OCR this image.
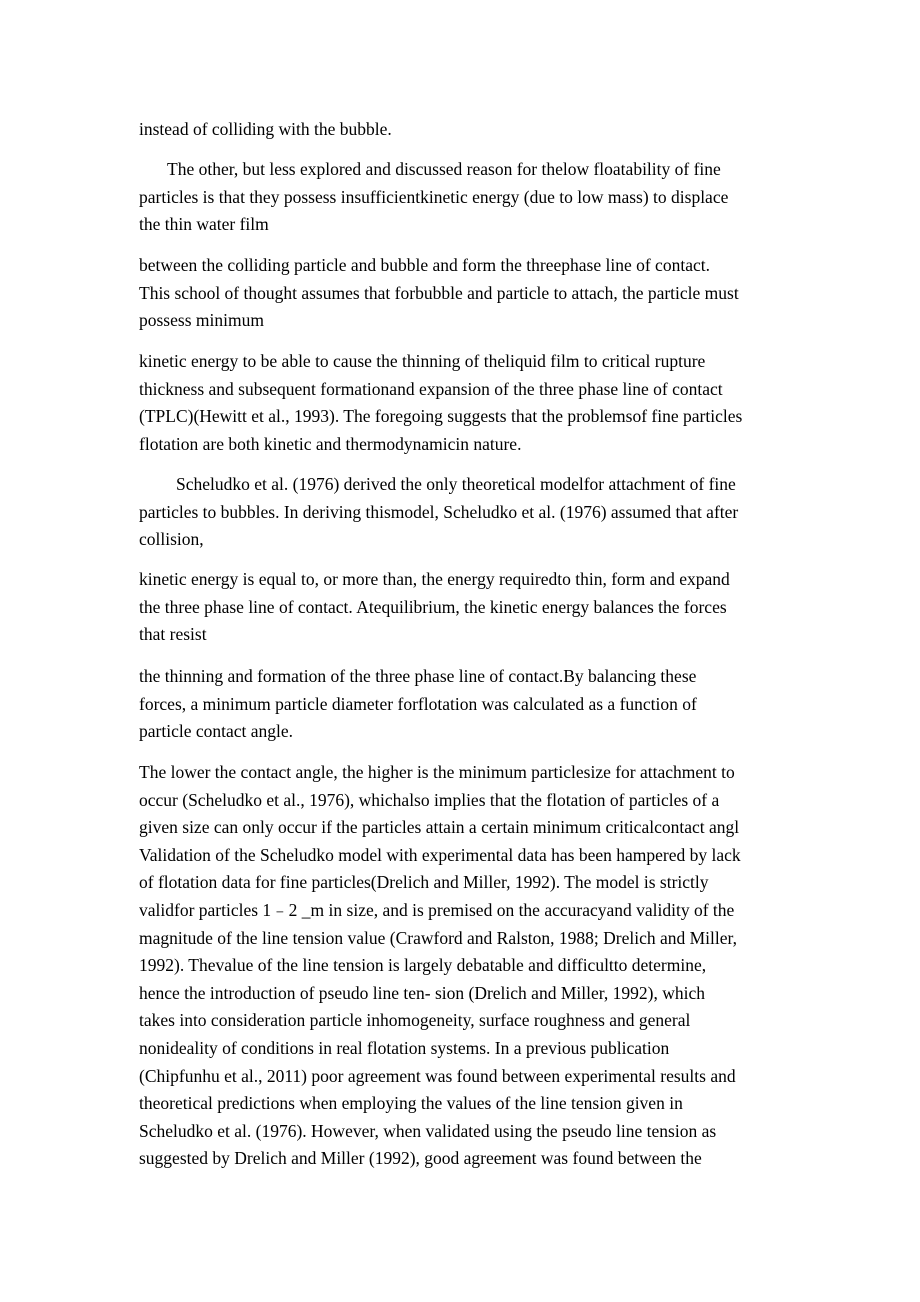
instead of colliding with the bubble.

The other, but less explored and discussed reason for thelow floatability of fine
particles is that they possess insufficientkinetic energy (due to low mass) to displace
the thin water film

between the colliding particle and bubble and form the threephase line of contact.
This school of thought assumes that forbubble and particle to attach, the particle must
possess minimum

kinetic energy to be able to cause the thinning of theliquid film to critical rupture
thickness and subsequent formationand expansion of the three phase line of contact
(TPLC)(Hewitt et al., 1993). The foregoing suggests that the problemsof fine particles
flotation are both kinetic and thermodynamicin nature.

Scheludko et al. (1976) derived the only theoretical modelfor attachment of fine
particles to bubbles. In deriving thismodel, Scheludko et al. (1976) assumed that after
collision,

kinetic energy is equal to, or more than, the energy requiredto thin, form and expand
the three phase line of contact. Atequilibrium, the kinetic energy balances the forces
that resist

the thinning and formation of the three phase line of contact.By balancing these
forces, a minimum particle diameter forflotation was calculated as a function of
particle contact angle.

The lower the contact angle, the higher is the minimum particlesize for attachment to
occur (Scheludko et al., 1976), whichalso implies that the flotation of particles of a
given size can only occur if the particles attain a certain minimum criticalcontact angl
Validation of the Scheludko model with experimental data has been hampered by lack
of flotation data for fine particles(Drelich and Miller, 1992). The model is strictly
validfor particles 1﹣2 _m in size, and is premised on the accuracyand validity of the
magnitude of the line tension value (Crawford and Ralston, 1988; Drelich and Miller,
1992). Thevalue of the line tension is largely debatable and difficultto determine,
hence the introduction of pseudo line ten- sion (Drelich and Miller, 1992), which
takes into consideration particle inhomogeneity, surface roughness and general
nonideality of conditions in real flotation systems. In a previous publication
(Chipfunhu et al., 2011) poor agreement was found between experimental results and
theoretical predictions when employing the values of the line tension given in
Scheludko et al. (1976). However, when validated using the pseudo line tension as
suggested by Drelich and Miller (1992), good agreement was found between the
